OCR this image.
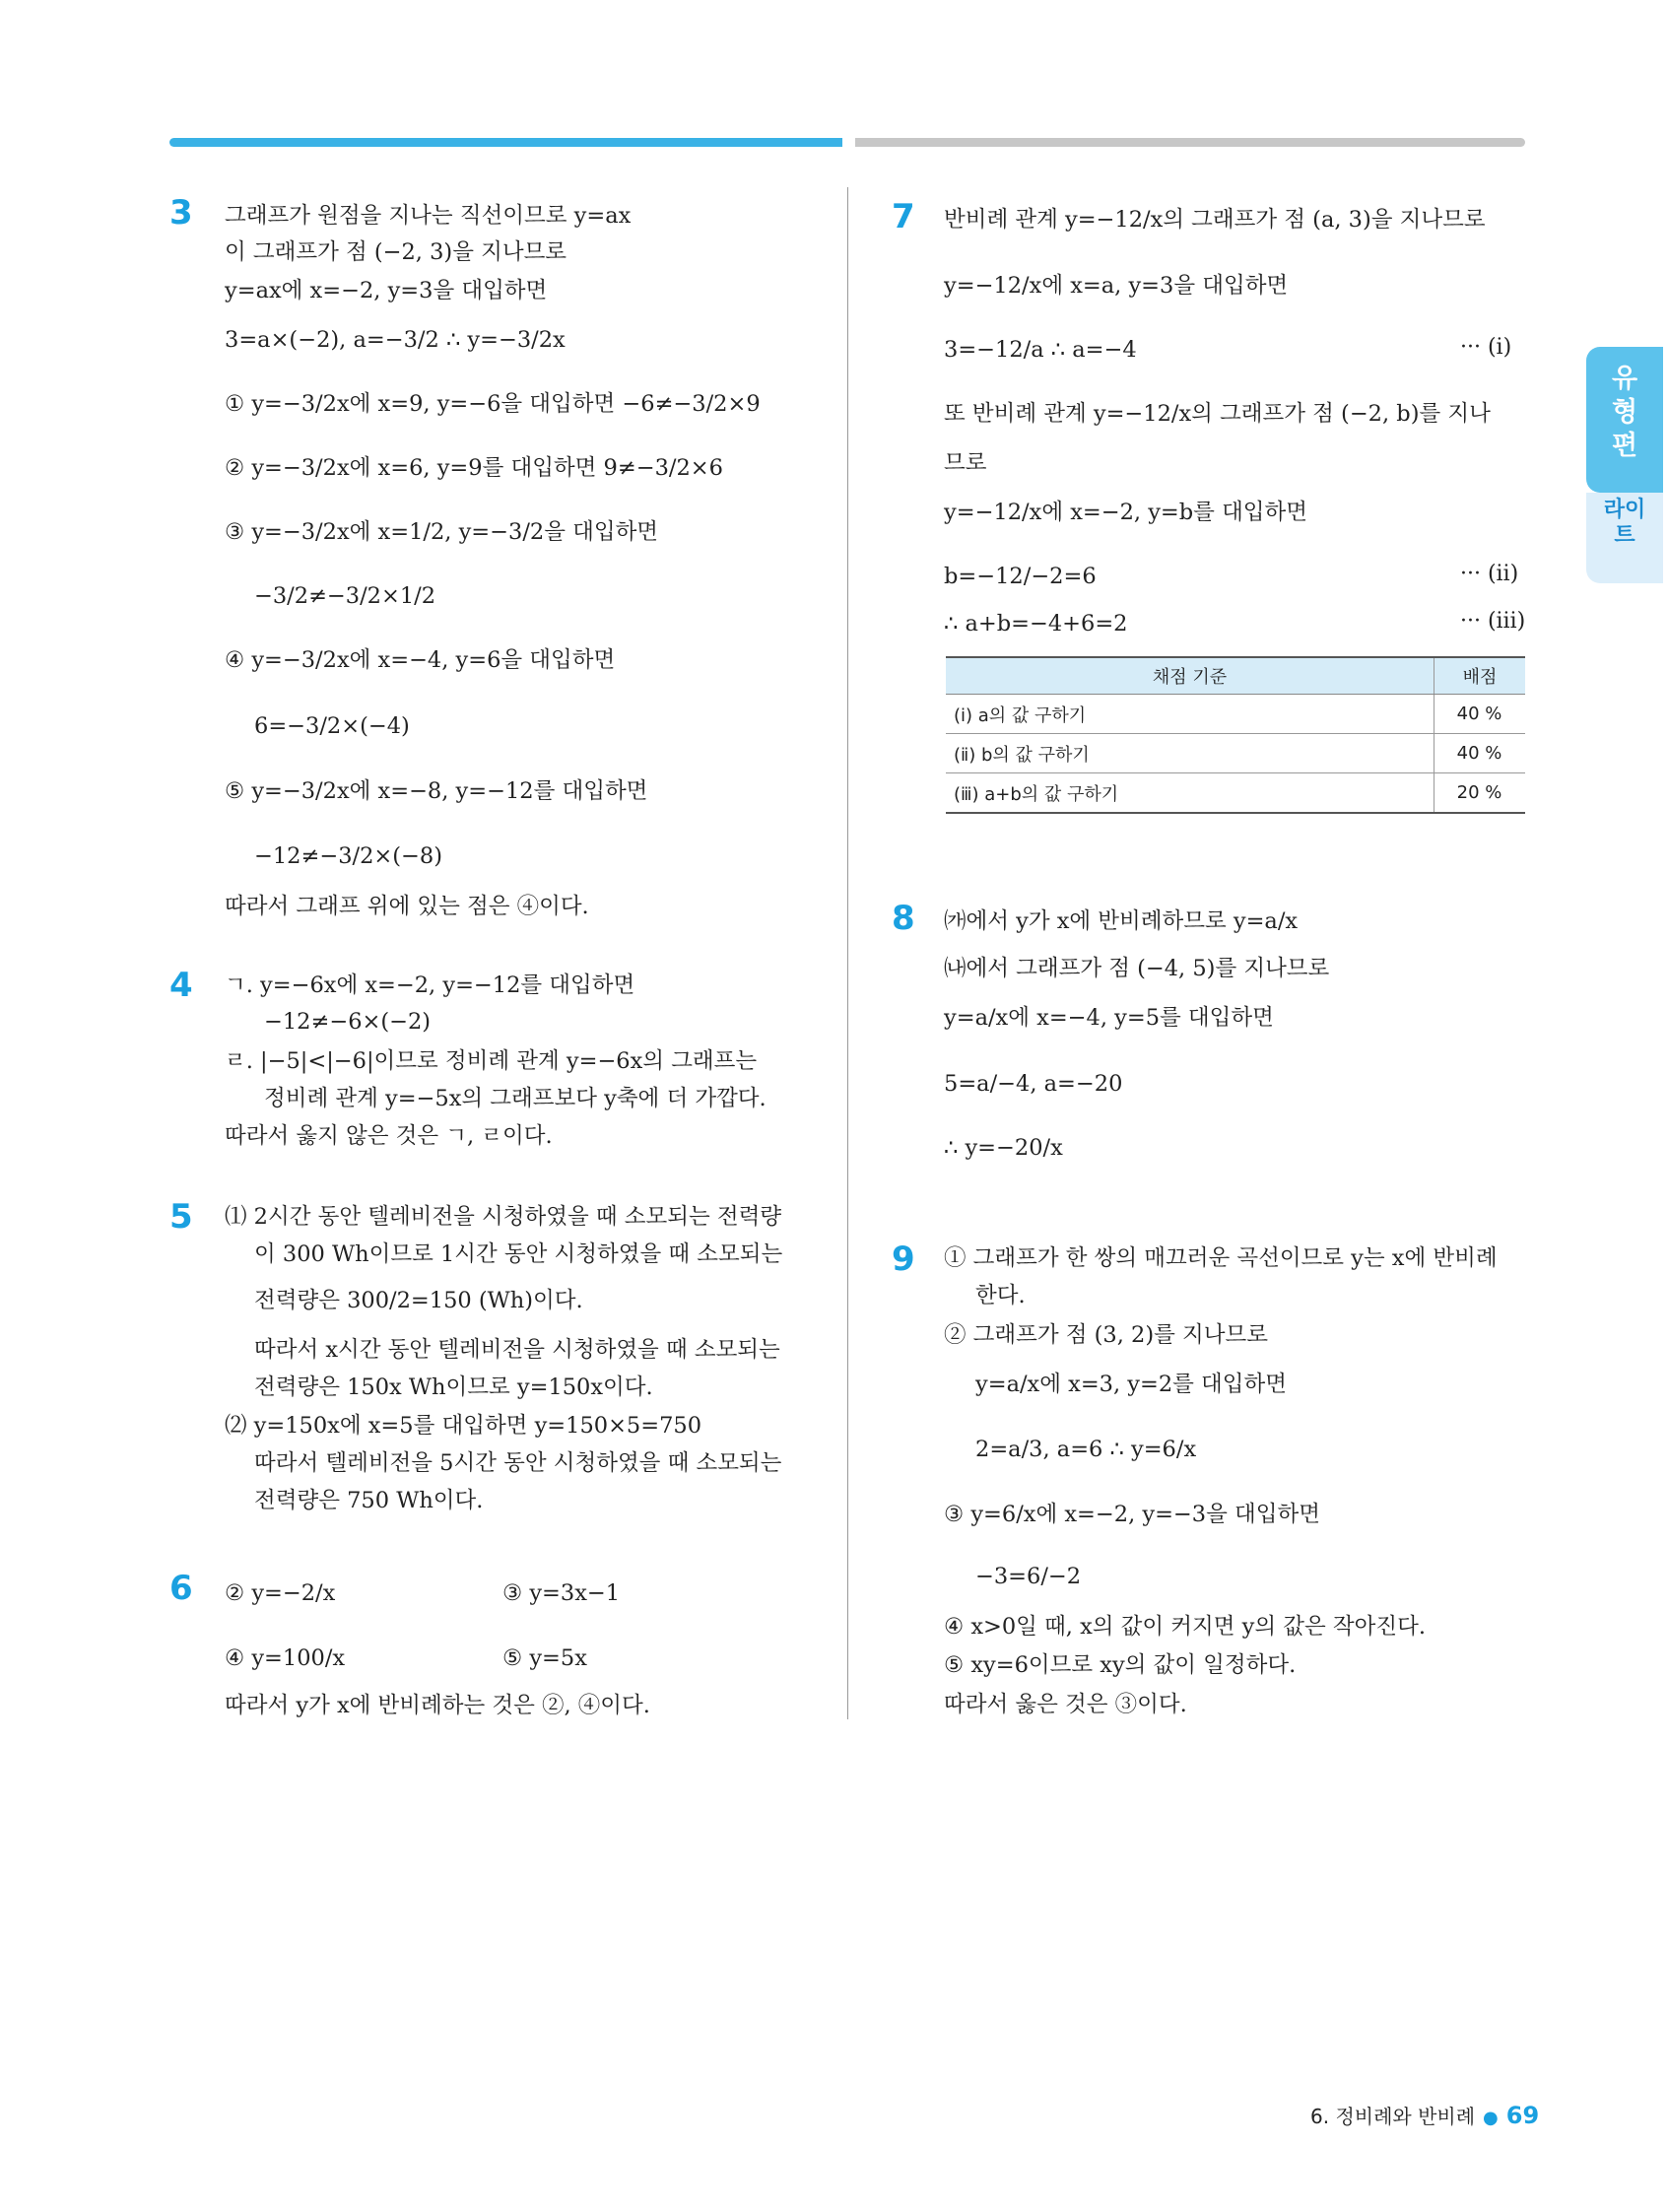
유형편
라이트
3 그래프가 원점을 지나는 직선이므로 y=ax
이 그래프가 점 (−2, 3)을 지나므로
y=ax에 x=−2, y=3을 대입하면
3=a×(−2), a=−3/2 ∴ y=−3/2x
① y=−3/2x에 x=9, y=−6을 대입하면 −6≠−3/2×9
② y=−3/2x에 x=6, y=9를 대입하면 9≠−3/2×6
③ y=−3/2x에 x=1/2, y=−3/2을 대입하면
−3/2≠−3/2×1/2
④ y=−3/2x에 x=−4, y=6을 대입하면
6=−3/2×(−4)
⑤ y=−3/2x에 x=−8, y=−12를 대입하면
−12≠−3/2×(−8)
따라서 그래프 위에 있는 점은 ④이다.
4 ㄱ. y=−6x에 x=−2, y=−12를 대입하면
−12≠−6×(−2)
ㄹ. |−5|<|−6|이므로 정비례 관계 y=−6x의 그래프는
정비례 관계 y=−5x의 그래프보다 y축에 더 가깝다.
따라서 옳지 않은 것은 ㄱ, ㄹ이다.
5 ⑴ 2시간 동안 텔레비전을 시청하였을 때 소모되는 전력량
이 300 Wh이므로 1시간 동안 시청하였을 때 소모되는
전력량은 300/2=150 (Wh)이다.
따라서 x시간 동안 텔레비전을 시청하였을 때 소모되는
전력량은 150x Wh이므로 y=150x이다.
⑵ y=150x에 x=5를 대입하면 y=150×5=750
따라서 텔레비전을 5시간 동안 시청하였을 때 소모되는
전력량은 750 Wh이다.
6 ② y=−2/x	③ y=3x−1
④ y=100/x	⑤ y=5x
따라서 y가 x에 반비례하는 것은 ②, ④이다.
7 반비례 관계 y=−12/x의 그래프가 점 (a, 3)을 지나므로
y=−12/x에 x=a, y=3을 대입하면
3=−12/a ∴ a=−4	··· (ⅰ)
또 반비례 관계 y=−12/x의 그래프가 점 (−2, b)를 지나
므로
y=−12/x에 x=−2, y=b를 대입하면
b=−12/−2=6	··· (ⅱ)
∴ a+b=−4+6=2	··· (ⅲ)
채점 기준	배점
(ⅰ) a의 값 구하기	40 %
(ⅱ) b의 값 구하기	40 %
(ⅲ) a+b의 값 구하기	20 %
8 ㈎에서 y가 x에 반비례하므로 y=a/x
㈏에서 그래프가 점 (−4, 5)를 지나므로
y=a/x에 x=−4, y=5를 대입하면
5=a/−4, a=−20
∴ y=−20/x
9 ① 그래프가 한 쌍의 매끄러운 곡선이므로 y는 x에 반비례
한다.
② 그래프가 점 (3, 2)를 지나므로
y=a/x에 x=3, y=2를 대입하면
2=a/3, a=6 ∴ y=6/x
③ y=6/x에 x=−2, y=−3을 대입하면
−3=6/−2
④ x>0일 때, x의 값이 커지면 y의 값은 작아진다.
⑤ xy=6이므로 xy의 값이 일정하다.
따라서 옳은 것은 ③이다.
6. 정비례와 반비례 ● 69
